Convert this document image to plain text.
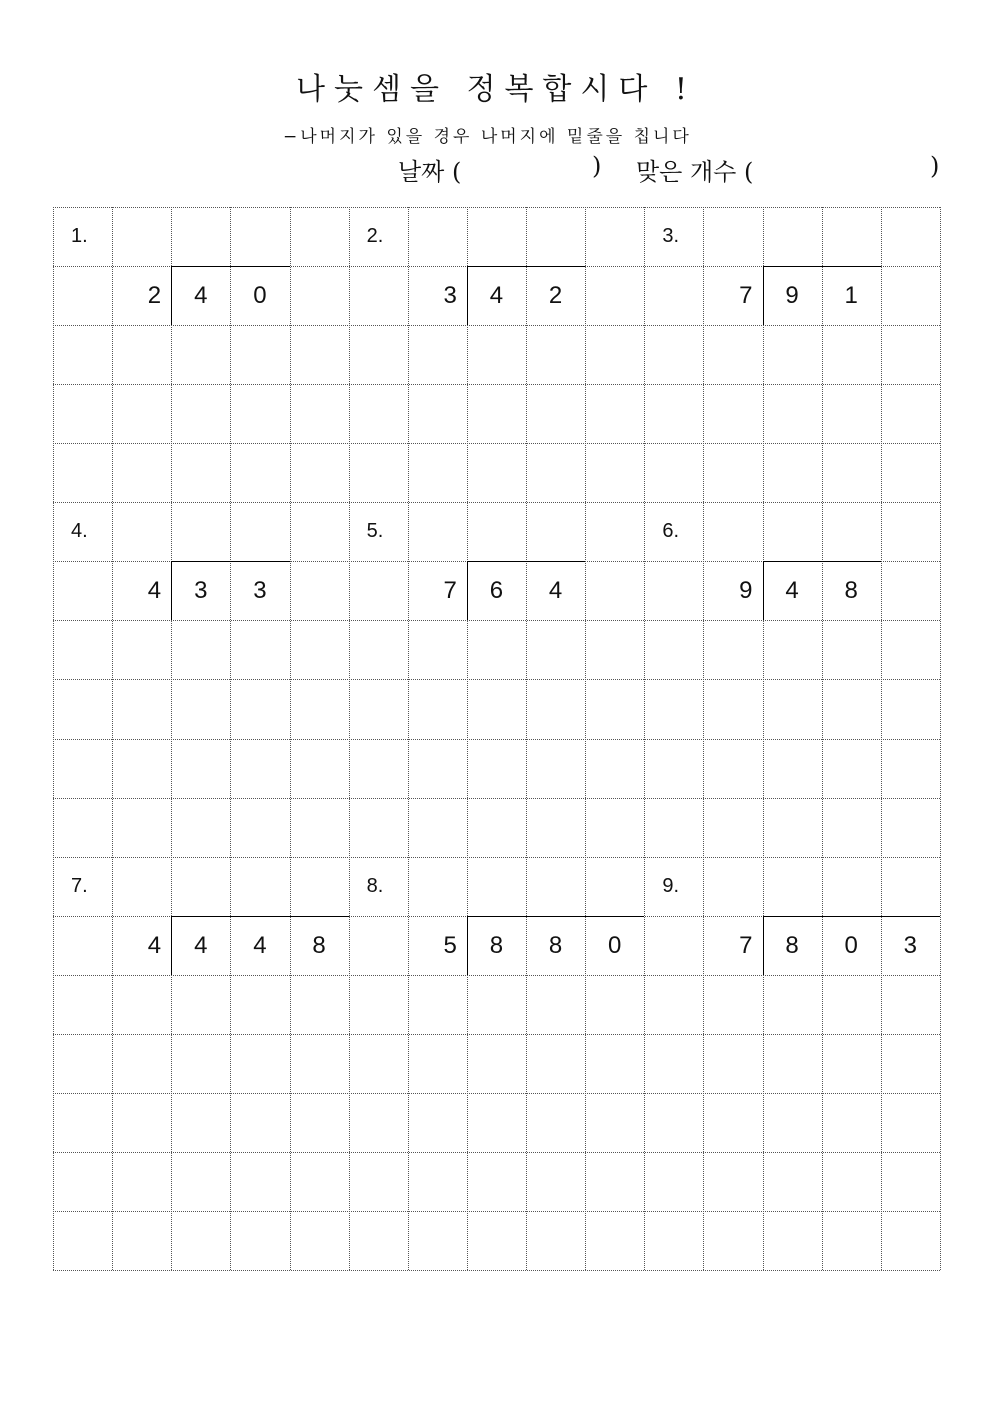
나눗셈을 정복합시다 !
−나머지가 있을 경우 나머지에 밑줄을 칩니다
날짜 (	) 맞은 개수 (	)
1.
2	4	0
2.
3	4	2
3.
7	9	1
4.
4	3	3
5.
7	6	4
6.
9	4	8
7.
4	4	4	8
8.
5	8	8	0
9.
7	8	0	3
